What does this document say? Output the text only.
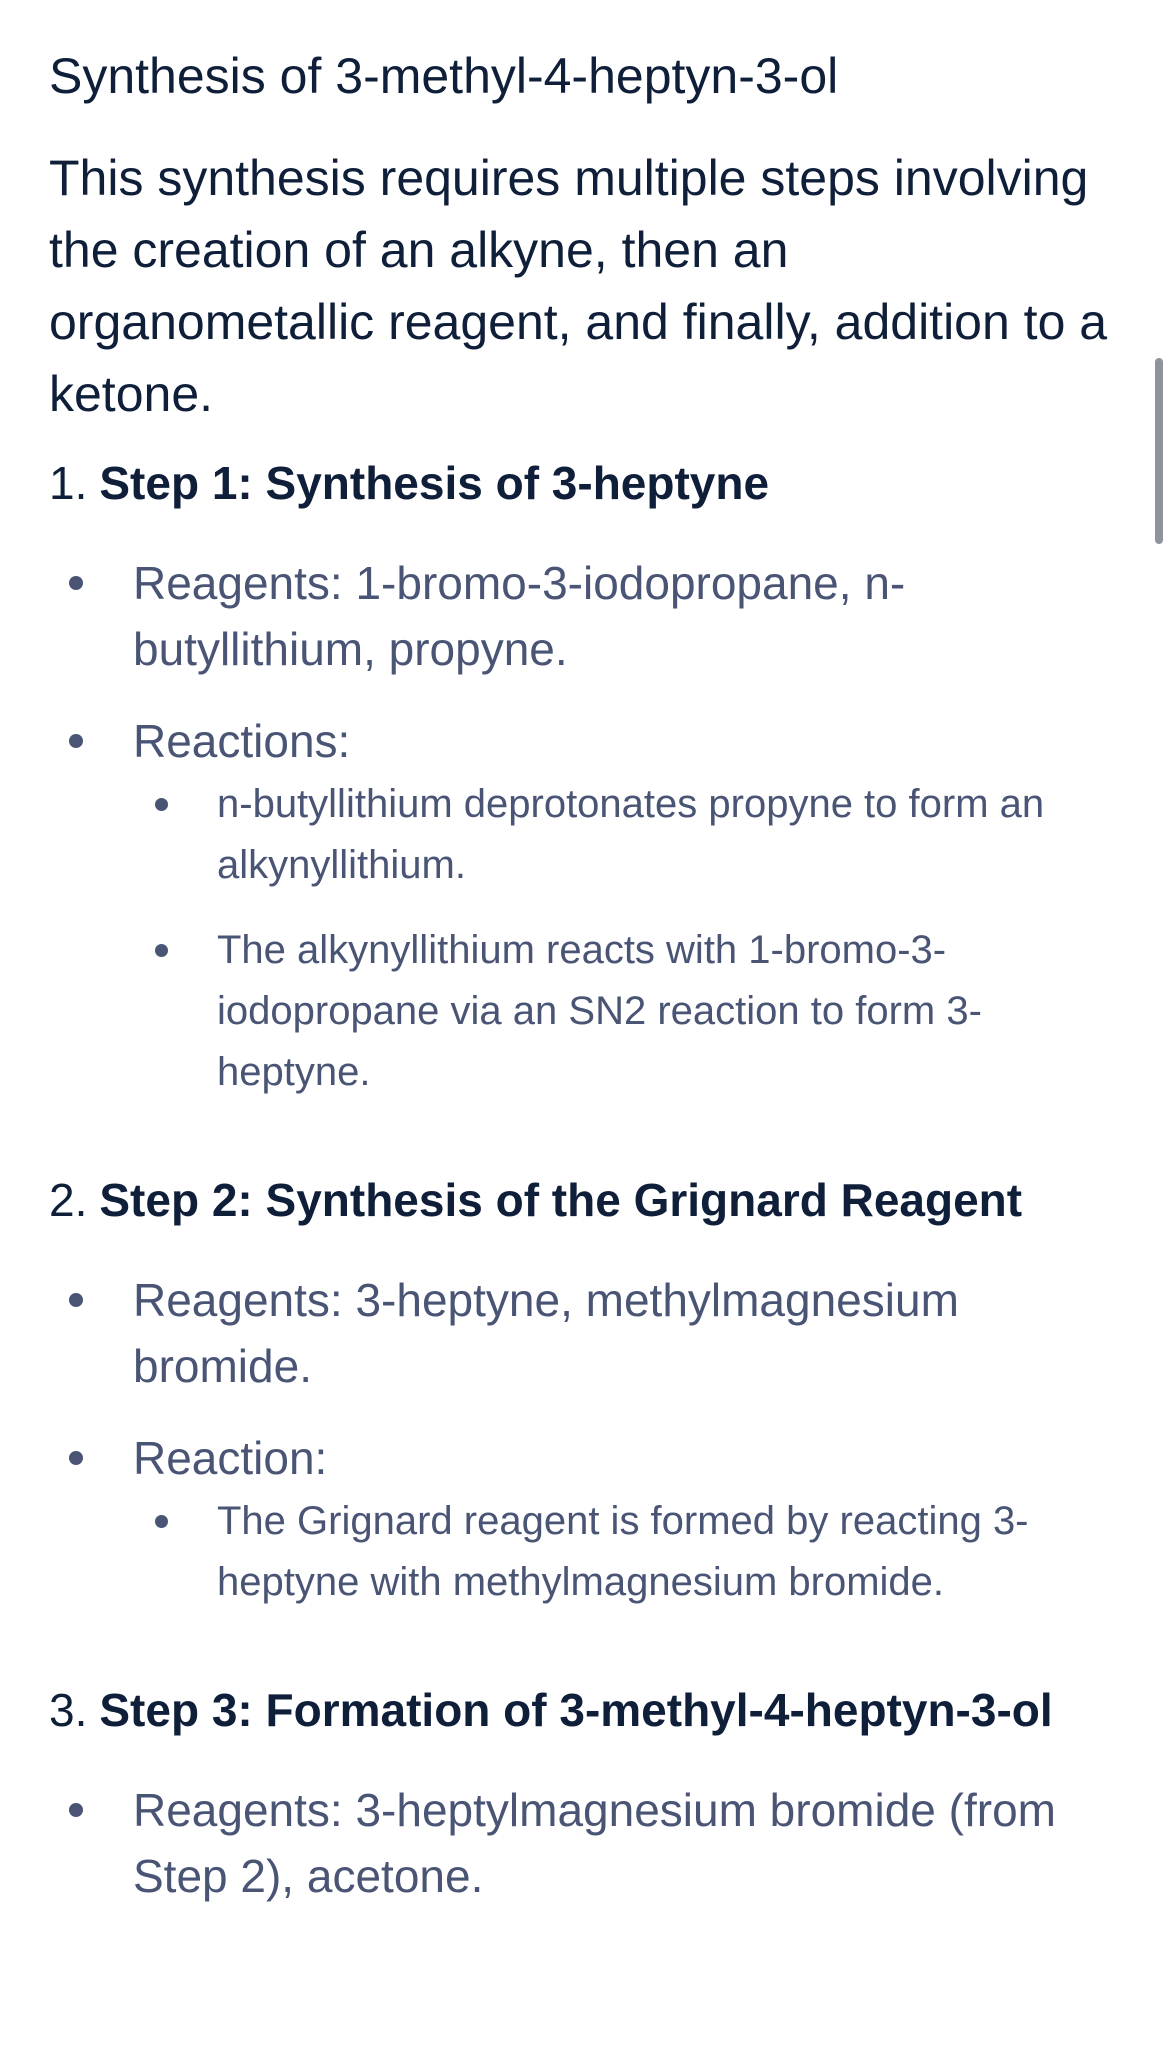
Synthesis of 3-methyl-4-heptyn-3-ol

This synthesis requires multiple steps involving the creation of an alkyne, then an organometallic reagent, and finally, addition to a ketone.

1. Step 1: Synthesis of 3-heptyne
Reagents: 1-bromo-3-iodopropane, n-butyllithium, propyne.
Reactions:
n-butyllithium deprotonates propyne to form an alkynyllithium.
The alkynyllithium reacts with 1-bromo-3-iodopropane via an SN2 reaction to form 3-heptyne.
2. Step 2: Synthesis of the Grignard Reagent
Reagents: 3-heptyne, methylmagnesium bromide.
Reaction:
The Grignard reagent is formed by reacting 3-heptyne with methylmagnesium bromide.
3. Step 3: Formation of 3-methyl-4-heptyn-3-ol
Reagents: 3-heptylmagnesium bromide (from Step 2), acetone.
